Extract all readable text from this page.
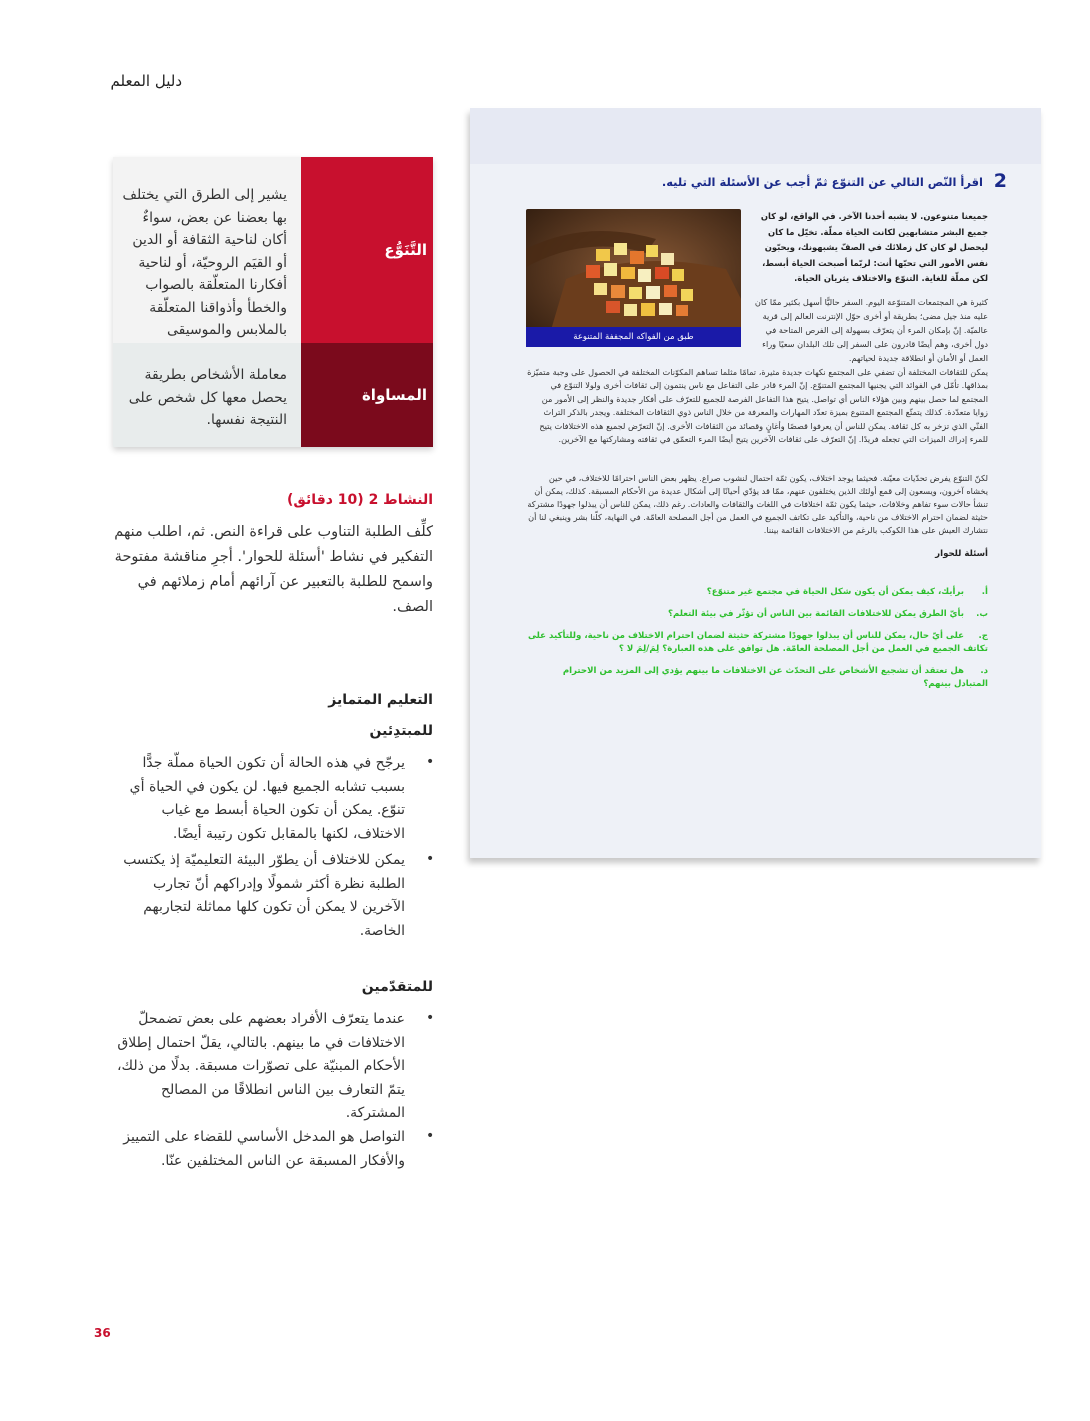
دليل المعلم
يشير إلى الطرق التي يختلف بها بعضنا عن بعض، سواءٌ أكان لناحية الثقافة أو الدين أو القيَم الروحيّة، أو لناحية أفكارنا المتعلّقة بالصواب والخطأ وأذواقنا المتعلّقة بالملابس والموسيقى
التَّنَوُّع
معاملة الأشخاص بطريقة يحصل معها كل شخص على النتيجة نفسها.
المساواة
النشاط 2 (10 دقائق)
كلِّف الطلبة التناوب على قراءة النص. ثم، اطلب منهم التفكير في نشاط 'أسئلة للحوار'. أجرِ مناقشة مفتوحة واسمح للطلبة بالتعبير عن آرائهم أمام زملائهم في الصف.
التعليم المتمايز
للمبتدِئين
•
يرجّح في هذه الحالة أن تكون الحياة مملّة جدًّا بسبب تشابه الجميع فيها. لن يكون في الحياة أي تنوّع. يمكن أن تكون الحياة أبسط مع غياب الاختلاف، لكنها بالمقابل تكون رتيبة أيضًا.
•
يمكن للاختلاف أن يطوّر البيئة التعليميّة إذ يكتسب الطلبة نظرة أكثر شمولًا وإدراكهم أنّ تجارب الآخرين لا يمكن أن تكون كلها مماثلة لتجاربهم الخاصة.
للمتقدّمين
•
عندما يتعرّف الأفراد بعضهم على بعض تضمحلّ الاختلافات في ما بينهم. بالتالي، يقلّ احتمال إطلاق الأحكام المبنيّة على تصوّرات مسبقة. بدلًا من ذلك، يتمّ التعارف بين الناس انطلاقًا من المصالح المشتركة.
•
التواصل هو المدخل الأساسي للقضاء على التمييز والأفكار المسبقة عن الناس المختلفين عنّا.
36
2
اقرأ النّص التالي عن التنوّع ثمّ أجب عن الأسئلة التي تليه.
طبق من الفواكه المجففة المتنوعة
جميعنا متنوعون. لا يشبه أحدنا الآخر. في الواقع، لو كان جميع البشر متشابهين لكانت الحياة مملّة. تخيّل ما كان ليحصل لو كان كل زملائك في الصفّ يشبهونك، ويحبّون نفس الأمور التي تحبّها أنت: لربّما أصبحت الحياة أبسط، لكن مملّة للغاية. التنوّع والاختلاف يثريان الحياة.
كثيرة هي المجتمعات المتنوّعة اليوم. السفر حاليًّا أسهل بكثير ممّا كان عليه منذ جيل مضى؛ بطريقة أو أخرى حوّل الإنترنت العالم إلى قرية عالميّة. إنّ بإمكان المرء أن يتعرّف بسهولة إلى الفرص المتاحة في دول أخرى، وهم أيضًا قادرون على السفر إلى تلك البلدان سعيًا وراء العمل أو الأمان أو انطلاقة جديدة لحياتهم.
يمكن للثقافات المختلفة أن تضفي على المجتمع نكهات جديدة مثيرة، تمامًا مثلما تساهم المكوّنات المختلفة في الحصول على وجبة متميّزة بمذاقها. تأمّل في الفوائد التي يجنيها المجتمع المتنوّع. إنّ المرء قادر على التفاعل مع ناس ينتمون إلى ثقافات أخرى ولولا التنوّع في المجتمع لما حصل بينهم وبين هؤلاء الناس أي تواصل. يتيح هذا التفاعل الفرصة للجميع للتعرّف على أفكار جديدة والنظر إلى الأمور من زوايا متعدّدة. كذلك يتمتّع المجتمع المتنوع بميزة تعدّد المهارات والمعرفة من خلال الناس ذوي الثقافات المختلفة. ويجدر بالذكر التراث الفنّي الذي تزخر به كل ثقافة. يمكن للناس أن يعرفوا قصصًا وأغانٍ وقصائد من الثقافات الأخرى. إنّ التعرّض لجميع هذه الاختلافات يتيح للمرء إدراك الميزات التي تجعله فريدًا. إنّ التعرّف على ثقافات الآخرين يتيح أيضًا المرء التعمّق في ثقافته ومشاركتها مع الآخرين.
لكنّ التنوّع يفرض تحدّيات معيّنة. فحيثما يوجد اختلاف، يكون ثمّة احتمال لنشوب صراع. يظهر بعض الناس احترامًا للاختلاف، في حين يخشاه آخرون، ويسعون إلى قمع أولئك الذين يختلفون عنهم، ممّا قد يؤدّي أحيانًا إلى أشكال عديدة من الأحكام المسبقة. كذلك، يمكن أن تنشأ حالات سوء تفاهم وخلافات، حيثما يكون ثمّة اختلافات في اللغات والثقافات والعادات. رغم ذلك، يمكن للناس أن يبذلوا جهودًا مشتركة حثيثة لضمان احترام الاختلاف من ناحية، والتأكيد على تكاتف الجميع في العمل من أجل المصلحة العامّة. في النهاية، كلّنا بشر وينبغي لنا أن نتشارك العيش على هذا الكوكب بالرغم من الاختلافات القائمة بيننا.
أسئلة للحوار
أ.برأيك، كيف يمكن أن يكون شكل الحياة في مجتمع غير متنوّع؟
ب.بأيّ الطرق يمكن للاختلافات القائمة بين الناس أن تؤثّر في بيئة التعلم؟
ج.على أيّ حال، يمكن للناس أن يبذلوا جهودًا مشتركة حثيثة لضمان احترام الاختلاف من ناحية، وللتأكيد على تكاتف الجميع في العمل من أجل المصلحة العامّة. هل توافق على هذه العبارة؟ لِمَ/لِمَ لا ؟
د.هل تعتقد أن تشجيع الأشخاص على التحدّث عن الاختلافات ما بينهم يؤدي إلى المزيد من الاحترام المتبادل بينهم؟
